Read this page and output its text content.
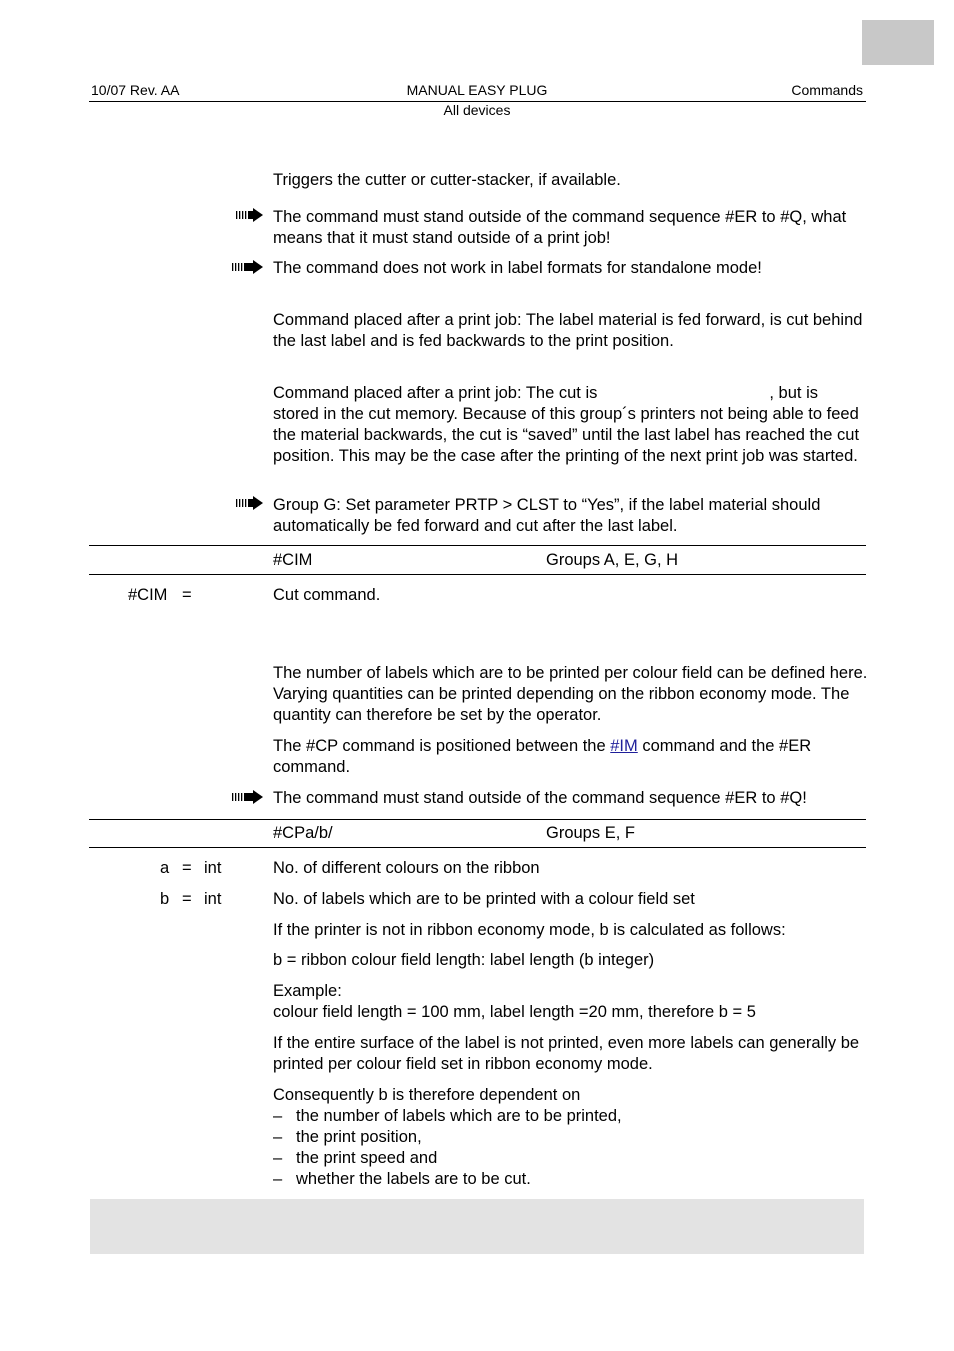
10/07 Rev. AA	MANUAL EASY PLUG	Commands
All devices
Triggers the cutter or cutter-stacker, if available.
The command must stand outside of the command sequence #ER to #Q, what means that it must stand outside of a print job!
The command does not work in label formats for standalone mode!
Command placed after a print job: The label material is fed forward, is cut behind the last label and is fed backwards to the print position.
Command placed after a print job: The cut is	, but is stored in the cut memory. Because of this group´s printers not being able to feed the material backwards, the cut is “saved” until the last label has reached the cut position. This may be the case after the printing of the next print job was started.
Group G: Set parameter PRTP > CLST to “Yes”, if the label material should automatically be fed forward and cut after the last label.
#CIM	Groups A, E, G, H
#CIM =	Cut command.
The number of labels which are to be printed per colour field can be defined here. Varying quantities can be printed depending on the ribbon economy mode. The quantity can therefore be set by the operator.
The #CP command is positioned between the #IM command and the #ER command.
The command must stand outside of the command sequence #ER to #Q!
#CPa/b/	Groups E, F
a = int	No. of different colours on the ribbon
b = int	No. of labels which are to be printed with a colour field set
If the printer is not in ribbon economy mode, b is calculated as follows:
b = ribbon colour field length: label length (b integer)
Example:
colour field length = 100 mm, label length =20 mm, therefore b = 5
If the entire surface of the label is not printed, even more labels can generally be printed per colour field set in ribbon economy mode.
Consequently b is therefore dependent on
– the number of labels which are to be printed,
– the print position,
– the print speed and
– whether the labels are to be cut.
